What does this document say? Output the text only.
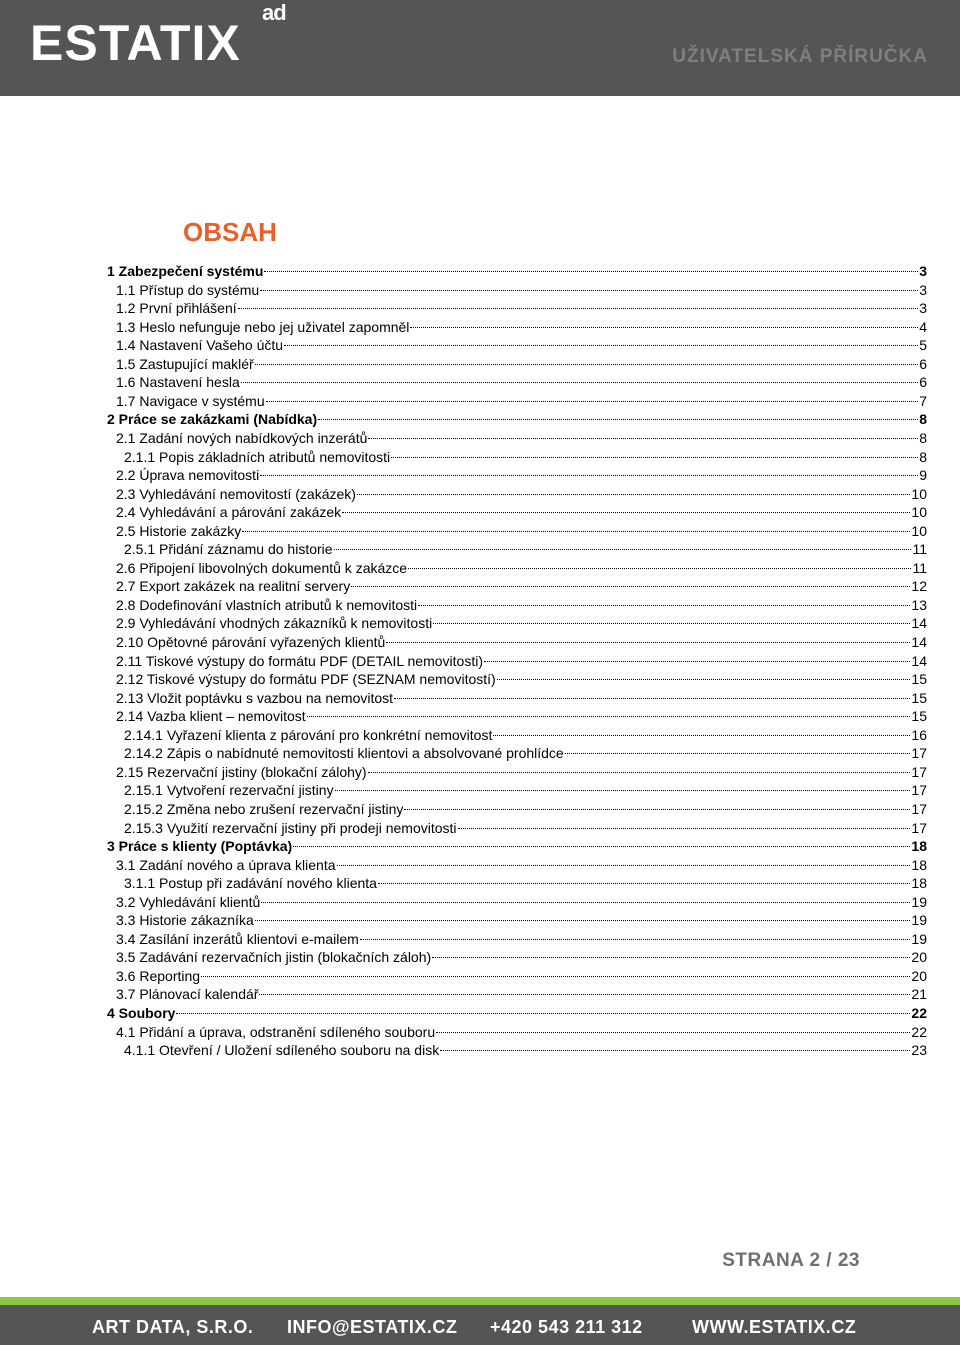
ESTATIX
ad
UŽIVATELSKÁ PŘÍRUČKA
OBSAH
1 Zabezpečení systému	3
1.1 Přístup do systému	3
1.2 První přihlášení	3
1.3 Heslo nefunguje nebo jej uživatel zapomněl	4
1.4 Nastavení Vašeho účtu	5
1.5 Zastupující makléř	6
1.6 Nastavení hesla	6
1.7 Navigace v systému	7
2 Práce se zakázkami (Nabídka)	8
2.1 Zadání nových nabídkových inzerátů	8
2.1.1 Popis základních atributů nemovitosti	8
2.2 Úprava nemovitosti	9
2.3 Vyhledávání nemovitostí (zakázek)	10
2.4 Vyhledávání a párování zakázek	10
2.5 Historie zakázky	10
2.5.1 Přidání záznamu do historie	11
2.6 Připojení libovolných dokumentů k zakázce	11
2.7 Export zakázek na realitní servery	12
2.8 Dodefinování vlastních atributů k nemovitosti	13
2.9 Vyhledávání vhodných zákazníků k nemovitosti	14
2.10 Opětovné párování vyřazených klientů	14
2.11 Tiskové výstupy do formátu PDF (DETAIL nemovitosti)	14
2.12 Tiskové výstupy do formátu PDF (SEZNAM nemovitostí)	15
2.13 Vložit poptávku s vazbou na nemovitost	15
2.14 Vazba klient – nemovitost	15
2.14.1 Vyřazení klienta z párování pro konkrétní nemovitost	16
2.14.2 Zápis o nabídnuté nemovitosti klientovi a absolvované prohlídce	17
2.15 Rezervační jistiny (blokační zálohy)	17
2.15.1 Vytvoření rezervační jistiny	17
2.15.2 Změna nebo zrušení rezervační jistiny	17
2.15.3 Využití rezervační jistiny při prodeji nemovitosti	17
3 Práce s klienty (Poptávka)	18
3.1 Zadání nového a úprava klienta	18
3.1.1 Postup při zadávání nového klienta	18
3.2 Vyhledávání klientů	19
3.3 Historie zákazníka	19
3.4 Zasílání inzerátů klientovi e-mailem	19
3.5 Zadávání rezervačních jistin (blokačních záloh)	20
3.6 Reporting	20
3.7 Plánovací kalendář	21
4 Soubory	22
4.1 Přidání a úprava, odstranění sdíleného souboru	22
4.1.1 Otevření / Uložení sdíleného souboru na disk	23
STRANA 2 / 23
ART DATA, S.R.O. INFO@ESTATIX.CZ +420 543 211 312	WWW.ESTATIX.CZ
